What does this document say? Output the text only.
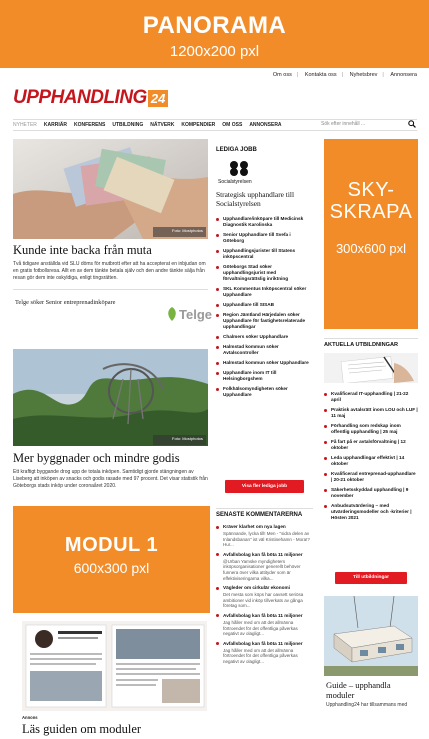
PANORAMA
1200x200 pxl
Om oss | Kontakta oss | Nyhetsbrev | Annonsera
UPPHANDLING 24
NYHETER KARRIÄR KONFERENS UTBILDNING NÄTVERK KOMPENDIER OM OSS ANNONSERA	Sök efter innehåll ...
Foto: Mostphotos
Kunde inte backa från muta
Två tidigare anställda vid SLU döms för mutbrott efter att ha accepterat en inbjudan om en gratis fotbollsresa. Allt en av dem tänkte betala själv och den andre tänkte sälja från resan gör dem inte oskyldiga, enligt tingsrätten.
Telge söker Senior entreprenadinköpare
Telge
Foto: Mostphotos
Mer byggnader och mindre godis
Ett kraftigt byggande drog upp de totala inköpen. Samtidigt gjorde stängningen av Liseberg att inköpen av snacks och godis rasade med 97 procent. Det visar statistik från Göteborgs stads inköp under coronaåret 2020.
MODUL 1
600x300 pxl
Annons
Läs guiden om moduler
LEDIGA JOBB
Socialstyrelsen
Strategisk upphandlare till Socialstyrelsen
Upphandlare/inköpare till Medicinsk Diagnostik Karolinska
Senior Upphandlare till Svefa i Göteborg
Upphandlingsjurister till Statens inköpscentral
Göteborgs Stad söker upphandlingsjurist med förvaltningsrättslig inriktning
SKL Kommentus Inköpscentral söker Upphandlare
Upphandlare till SISAB
Region Jämtland Härjedalen söker Upphandlare för fastighetsrelaterade upphandlingar
Chalmers söker Upphandlare
Halmstad kommun söker Avtalscontroller
Halmstad kommun söker Upphandlare
Upphandlare inom IT till Helsingborgshem
Folkhälsomyndigheten söker Upphandlare
Visa fler lediga jobb
SENASTE KOMMENTARERNA
Kräver klarhet om nya lagen
Spännande, lycka till! Men - "sidra delen av Inlandsbanan" ist väl Kristinehamn - Mora!? Hur...
Avfallsbolag kan få böta 11 miljoner
@Urban Yamske myndigheters inköpsorganisationer generellt behöver funnera över vilka attityder som är effektiviseringarna vilka...
Vägleder om cirkulär ekonomi
Det mesta som köps har oavsett seriösa ambitioner vid inköp tillverkats av gånga företag som...
Avfallsbolag kan få böta 11 miljoner
Jag håller med om att det allmänna förtroendet för det offentliga påverkas negativt av olagligt...
Avfallsbolag kan få böta 11 miljoner
Jag håller med om att det allmänna förtroendet för det offentliga påverkas negativt av olagligt...
SKY-
SKRAPA
300x600 pxl
AKTUELLA UTBILDNINGAR
Kvalificerad IT-upphandling | 21-22 april
Praktisk avtalsrätt inom LOU och LUF | 11 maj
Förhandling som redskap inom offentlig upphandling | 25 maj
Få fart på er avtalsförvaltning | 12 oktober
Leda upphandlingar effektivt | 14 oktober
Kvalificerad entreprenad-upphandlare | 20-21 oktober
Säkerhetsskyddad upphandling | 9 november
Anbudsutvärdering – med utvärderingsmodeller och -kriterier | Hösten 2021
Till utbildningar
Guide – upphandla moduler
Upphandling24 har tillsammans med
